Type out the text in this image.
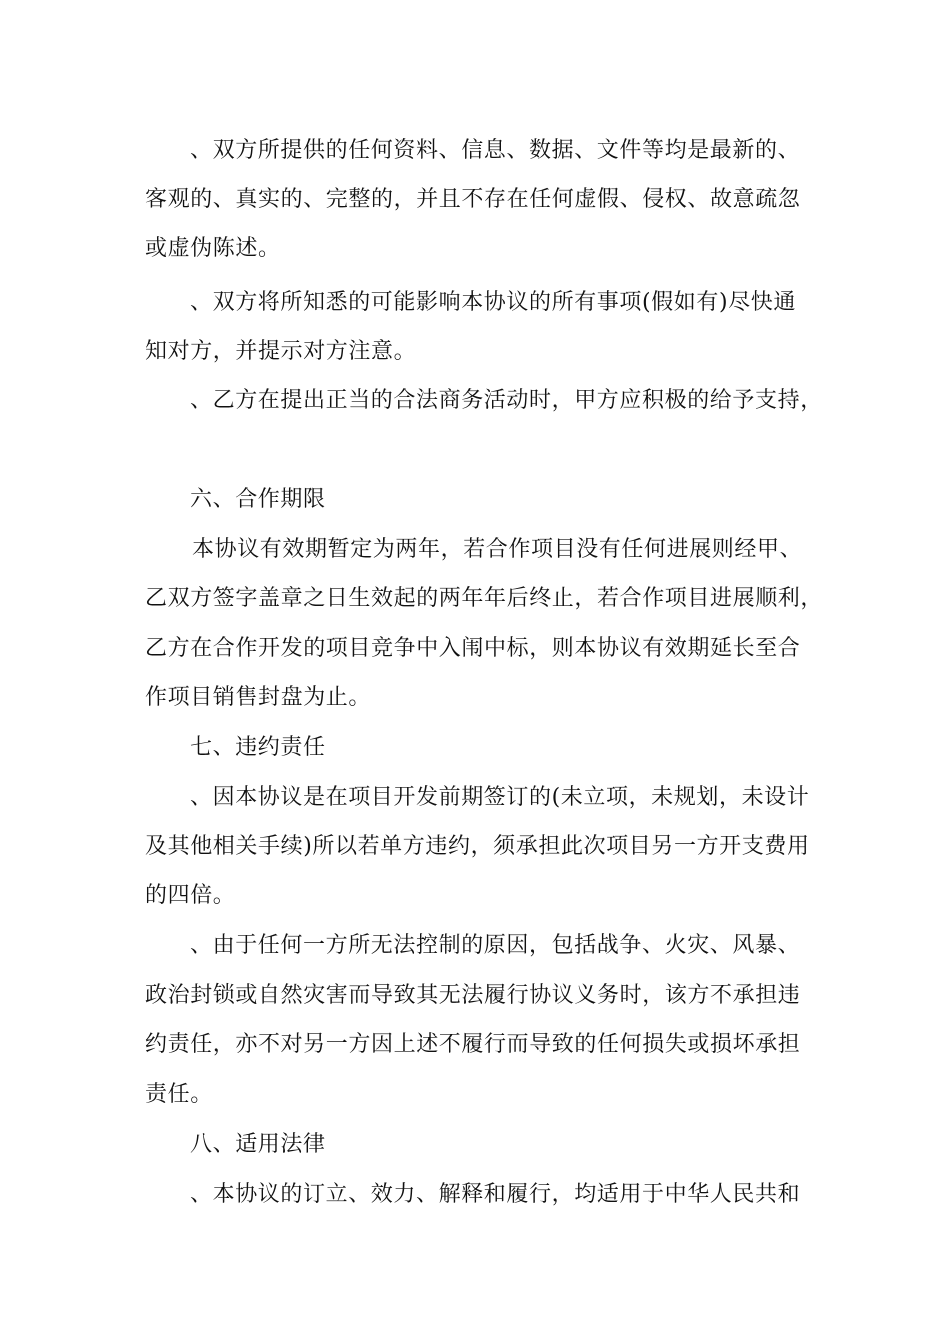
、双方所提供的任何资料、信息、数据、文件等均是最新的、
客观的、真实的、完整的，并且不存在任何虚假、侵权、故意疏忽
或虚伪陈述。
、双方将所知悉的可能影响本协议的所有事项(假如有)尽快通
知对方，并提示对方注意。
、乙方在提出正当的合法商务活动时，甲方应积极的给予支持，
六、合作期限
本协议有效期暂定为两年，若合作项目没有任何进展则经甲、
乙双方签字盖章之日生效起的两年年后终止，若合作项目进展顺利，
乙方在合作开发的项目竞争中入闱中标，则本协议有效期延长至合
作项目销售封盘为止。
七、违约责任
、因本协议是在项目开发前期签订的(未立项，未规划，未设计
及其他相关手续)所以若单方违约，须承担此次项目另一方开支费用
的四倍。
、由于任何一方所无法控制的原因，包括战争、火灾、风暴、
政治封锁或自然灾害而导致其无法履行协议义务时，该方不承担违
约责任，亦不对另一方因上述不履行而导致的任何损失或损坏承担
责任。
八、适用法律
、本协议的订立、效力、解释和履行，均适用于中华人民共和
